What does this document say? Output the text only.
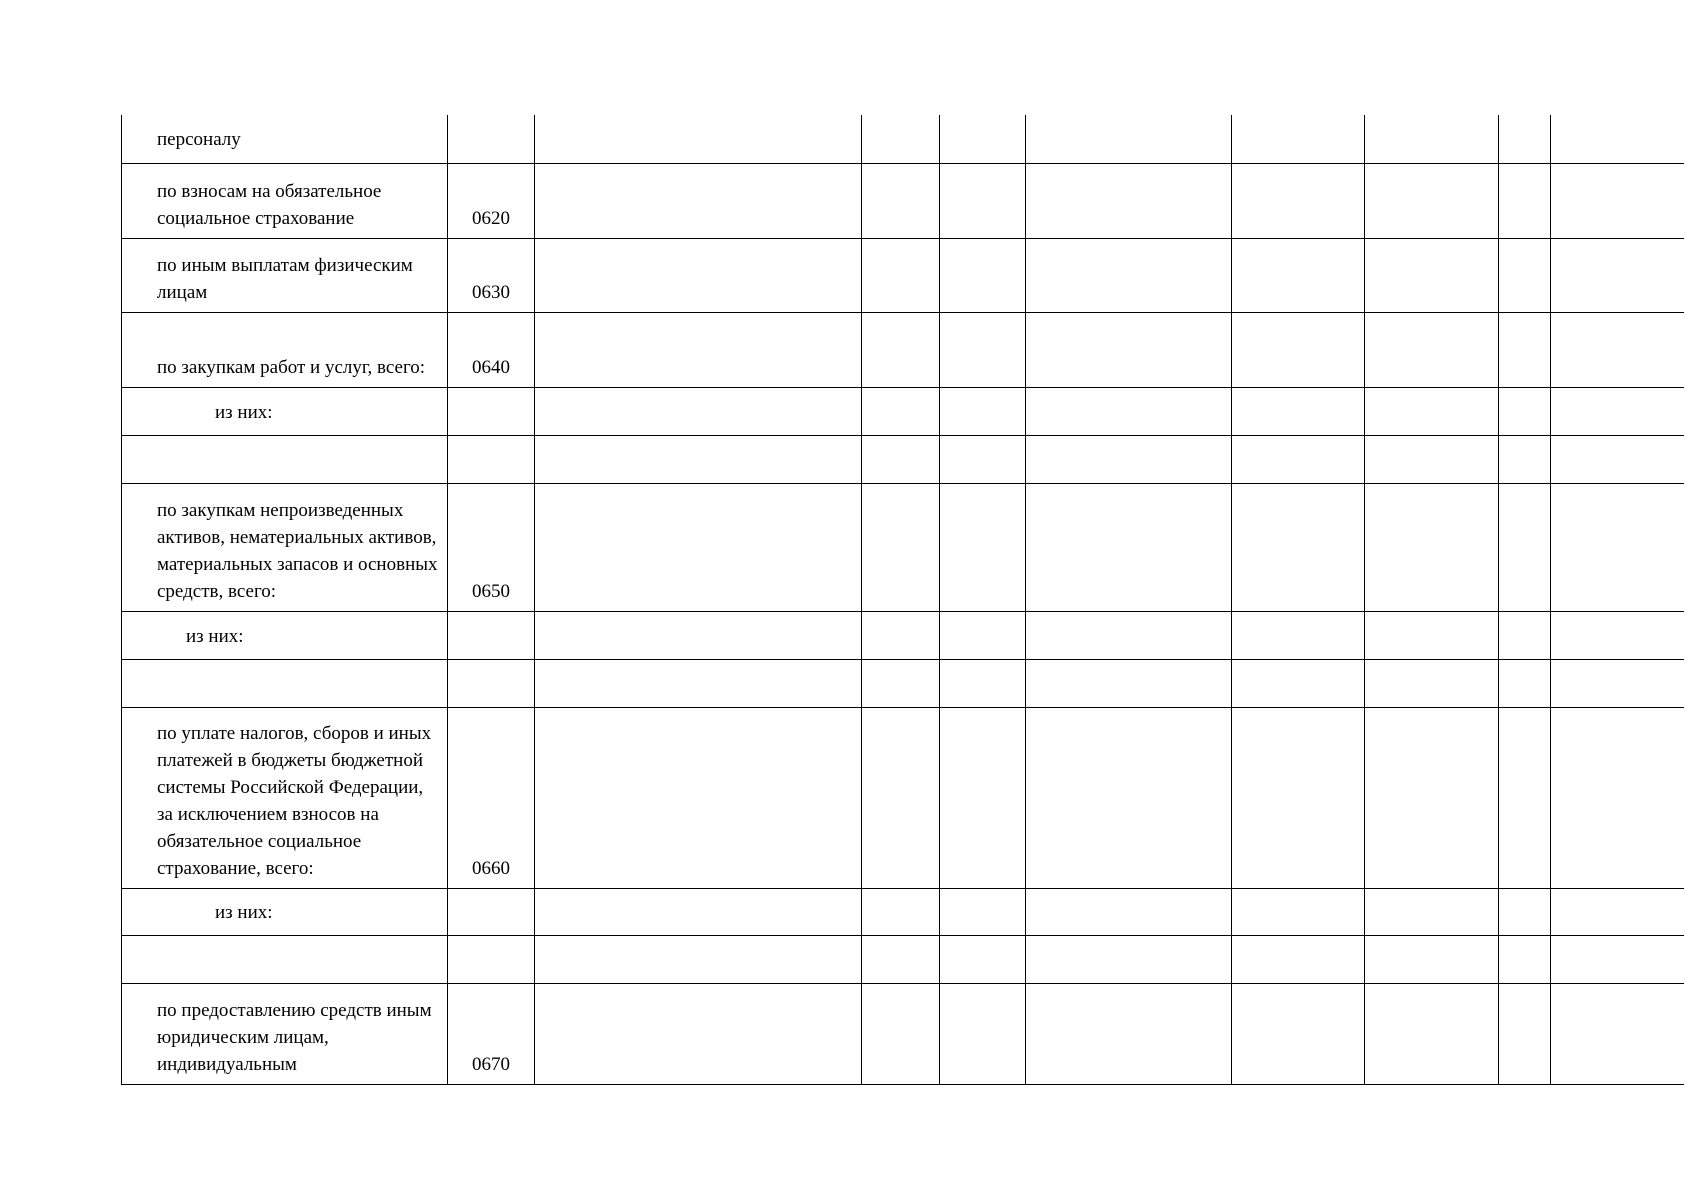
персоналу									
по взносам на обязательное социальное страхование	0620								
по иным выплатам физическим лицам	0630								
по закупкам работ и услуг, всего:	0640								
из них:									

по закупкам непроизведенных активов, нематериальных активов, материальных запасов и основных средств, всего:	0650								
из них:									

по уплате налогов, сборов и иных платежей в бюджеты бюджетной системы Российской Федерации, за исключением взносов на обязательное социальное страхование, всего:	0660								
из них:									

по предоставлению средств иным юридическим лицам, индивидуальным	0670								
